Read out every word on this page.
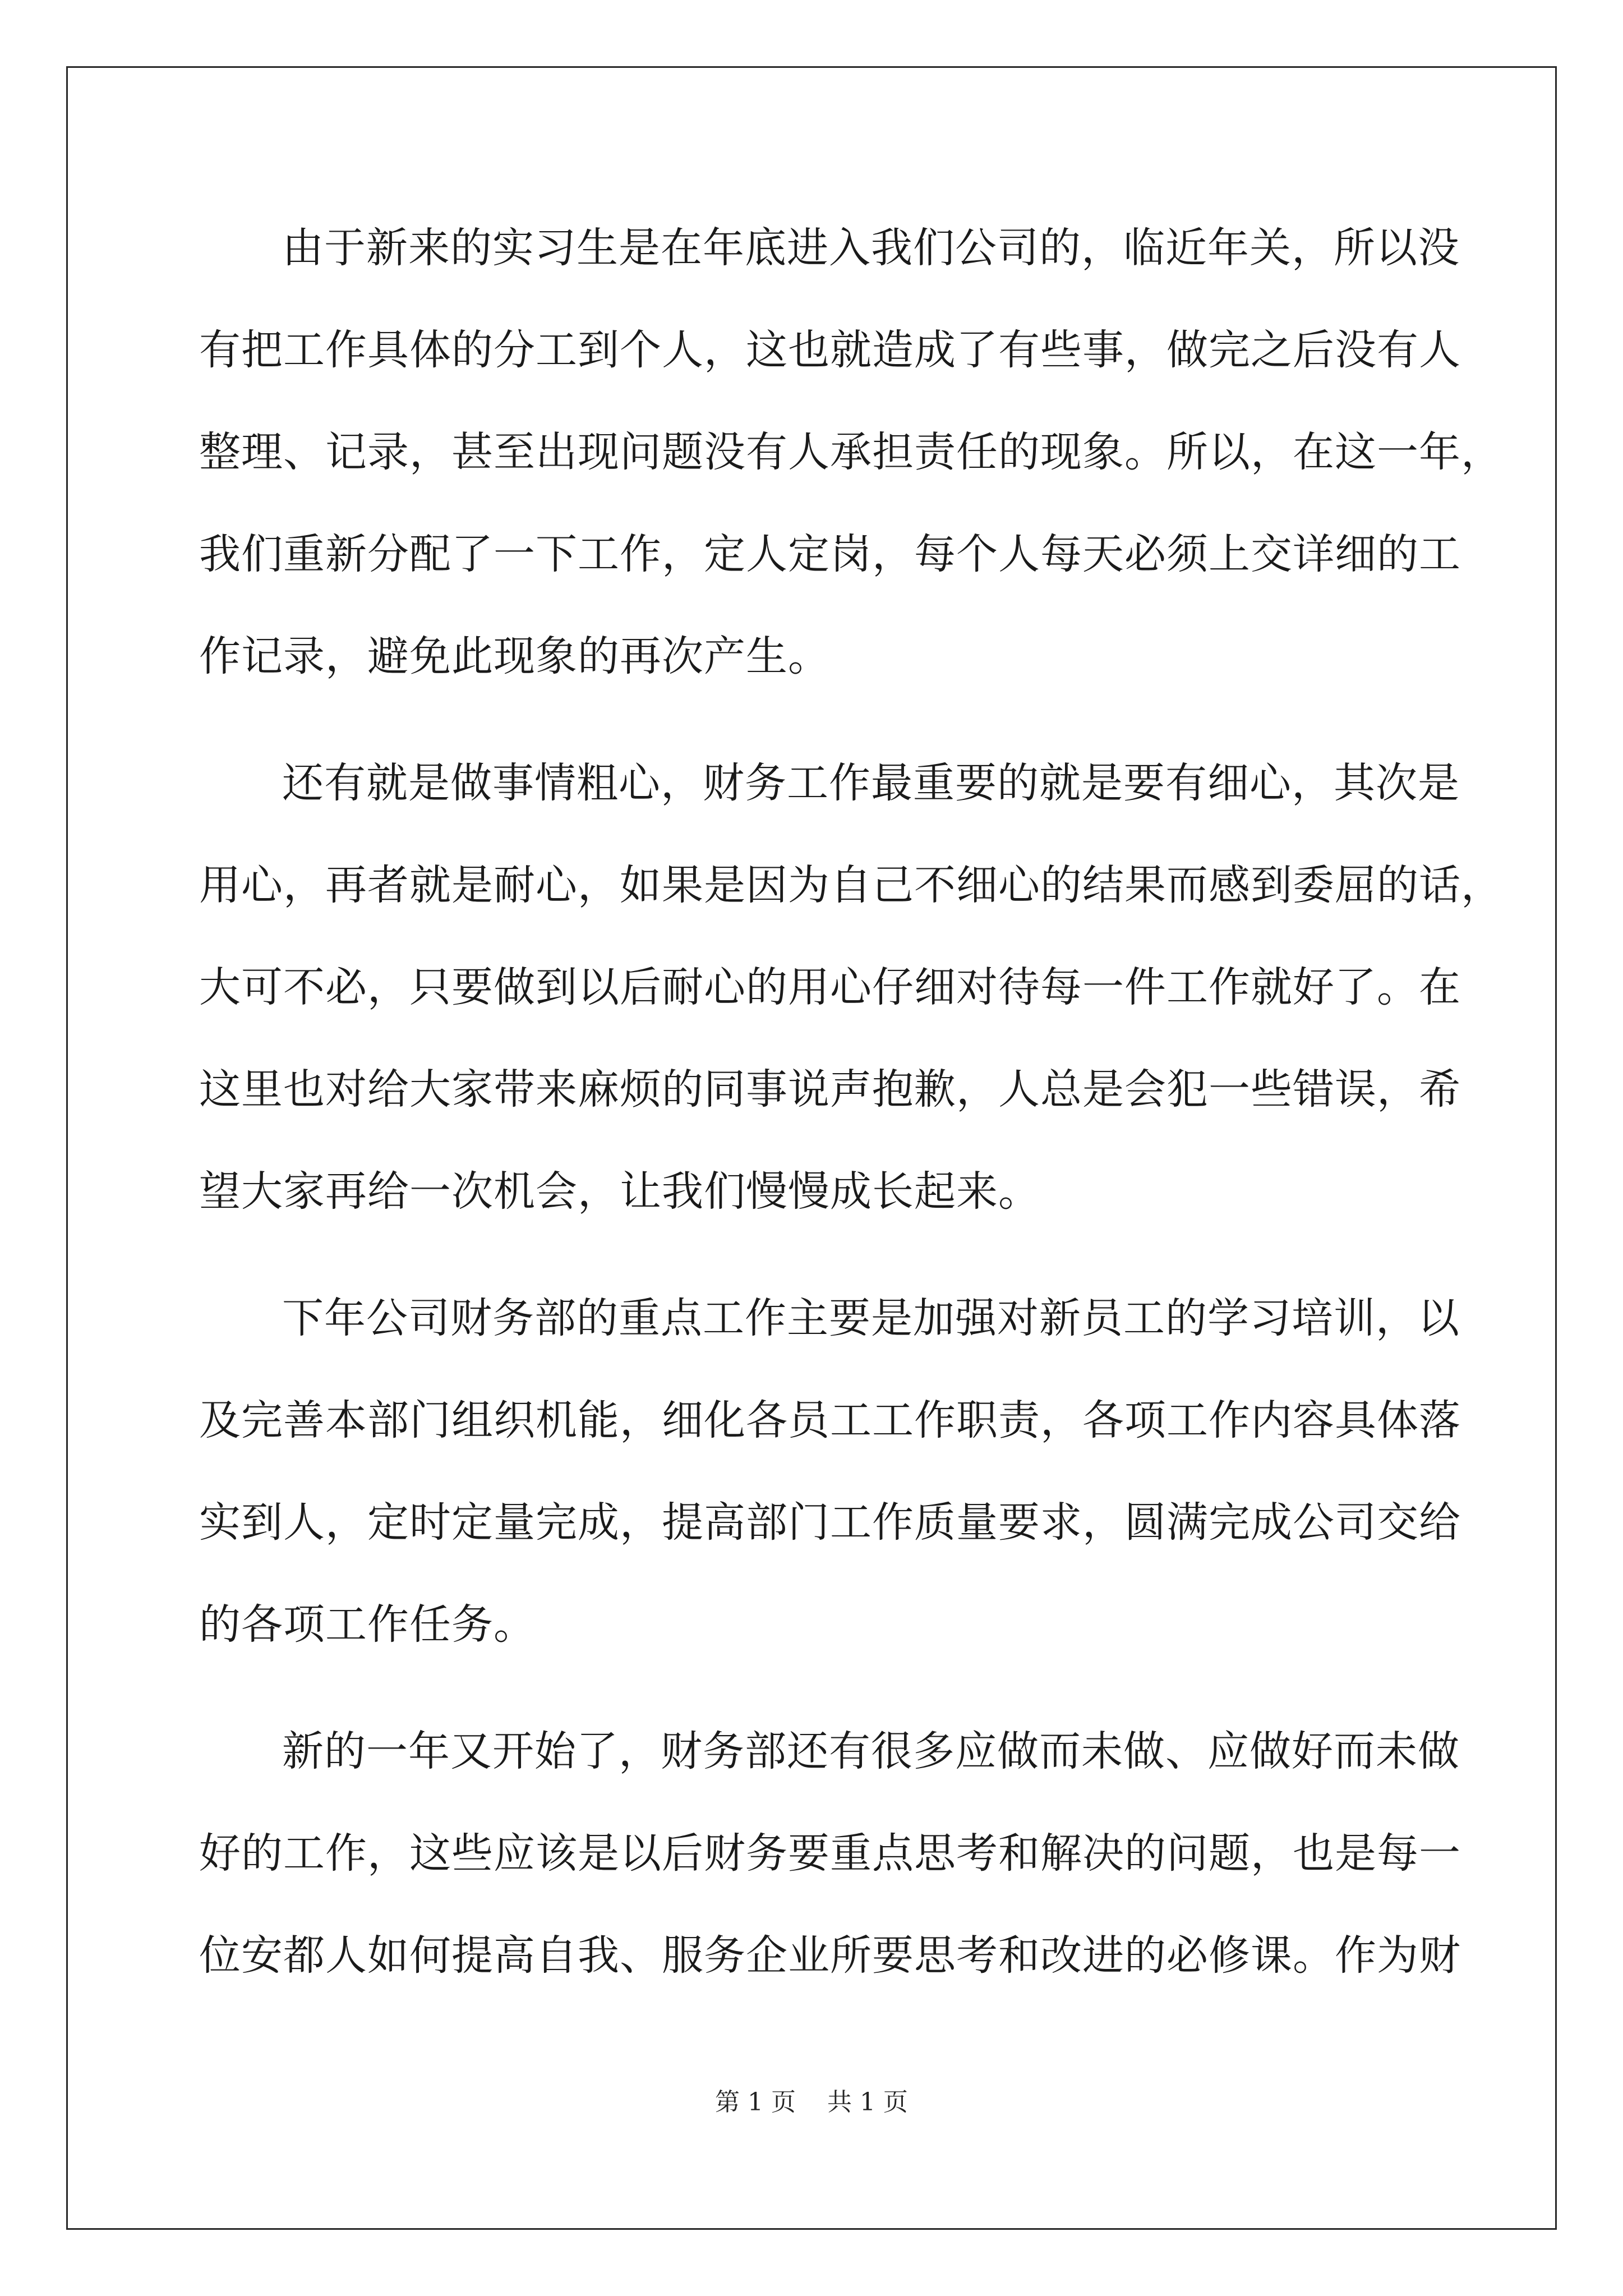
由于新来的实习生是在年底进入我们公司的，临近年关，所以没
有把工作具体的分工到个人，这也就造成了有些事，做完之后没有人
整理、记录，甚至出现问题没有人承担责任的现象。所以，在这一年，
我们重新分配了一下工作，定人定岗，每个人每天必须上交详细的工
作记录，避免此现象的再次产生。
还有就是做事情粗心，财务工作最重要的就是要有细心，其次是
用心，再者就是耐心，如果是因为自己不细心的结果而感到委屈的话，
大可不必，只要做到以后耐心的用心仔细对待每一件工作就好了。在
这里也对给大家带来麻烦的同事说声抱歉，人总是会犯一些错误，希
望大家再给一次机会，让我们慢慢成长起来。
下年公司财务部的重点工作主要是加强对新员工的学习培训，以
及完善本部门组织机能，细化各员工工作职责，各项工作内容具体落
实到人，定时定量完成，提高部门工作质量要求，圆满完成公司交给
的各项工作任务。
新的一年又开始了，财务部还有很多应做而未做、应做好而未做
好的工作，这些应该是以后财务要重点思考和解决的问题，也是每一
位安都人如何提高自我、服务企业所要思考和改进的必修课。作为财
第 1 页    共 1 页
